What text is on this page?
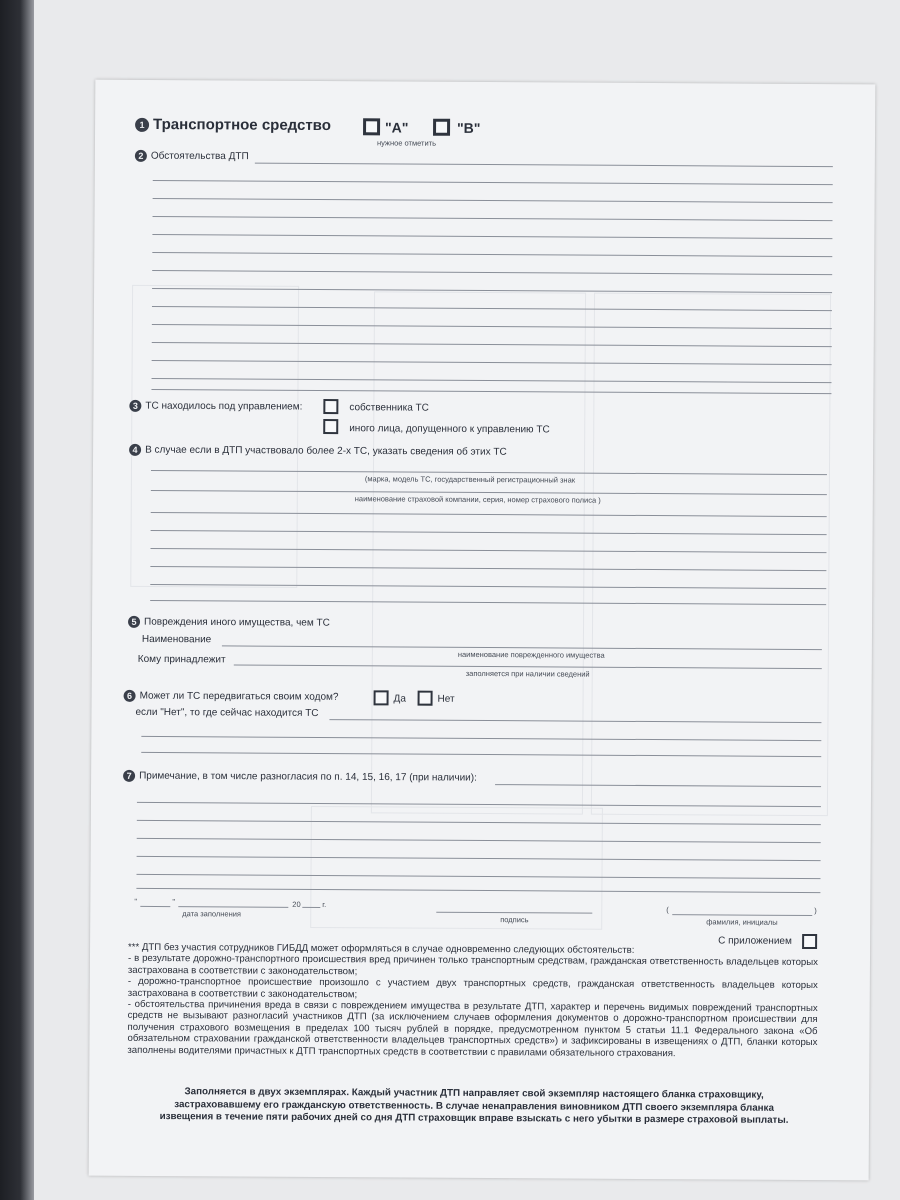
1 Транспортное средство	"А"	"В"
нужное отметить
2 Обстоятельства ДТП
3 ТС находилось под управлением:	собственника ТС
иного лица, допущенного к управлению ТС
4 В случае если в ДТП участвовало более 2-х ТС, указать сведения об этих ТС
(марка, модель ТС, государственный регистрационный знак
наименование страховой компании, серия, номер страхового полиса )
5 Повреждения иного имущества, чем ТС
Наименование
наименование поврежденного имущества
Кому принадлежит
заполняется при наличии сведений
6 Может ли ТС передвигаться своим ходом?	Да	Нет
если "Нет", то где сейчас находится ТС
7 Примечание, в том числе разногласия по п. 14, 15, 16, 17 (при наличии):
"	"	20	г.
дата заполнения
подпись
(	)
фамилия, инициалы
С приложением

*** ДТП без участия сотрудников ГИБДД может оформляться в случае одновременно следующих обстоятельств:

- в результате дорожно-транспортного происшествия вред причинен только транспортным средствам, гражданская ответственность владельцев которых застрахована в соответствии с законодательством;

- дорожно-транспортное происшествие произошло с участием двух транспортных средств, гражданская ответственность владельцев которых застрахована в соответствии с законодательством;

- обстоятельства причинения вреда в связи с повреждением имущества в результате ДТП, характер и перечень видимых повреждений транспортных средств не вызывают разногласий участников ДТП (за исключением случаев оформления документов о дорожно-транспортном происшествии для получения страхового возмещения в пределах 100 тысяч рублей в порядке, предусмотренном пунктом 5 статьи 11.1 Федерального закона «Об обязательном страховании гражданской ответственности владельцев транспортных средств») и зафиксированы в извещениях о ДТП, бланки которых заполнены водителями причастных к ДТП транспортных средств в соответствии с правилами обязательного страхования.

Заполняется в двух экземплярах. Каждый участник ДТП направляет свой экземпляр настоящего бланка страховщику, застраховавшему его гражданскую ответственность. В случае ненаправления виновником ДТП своего экземпляра бланка извещения в течение пяти рабочих дней со дня ДТП страховщик вправе взыскать с него убытки в размере страховой выплаты.
